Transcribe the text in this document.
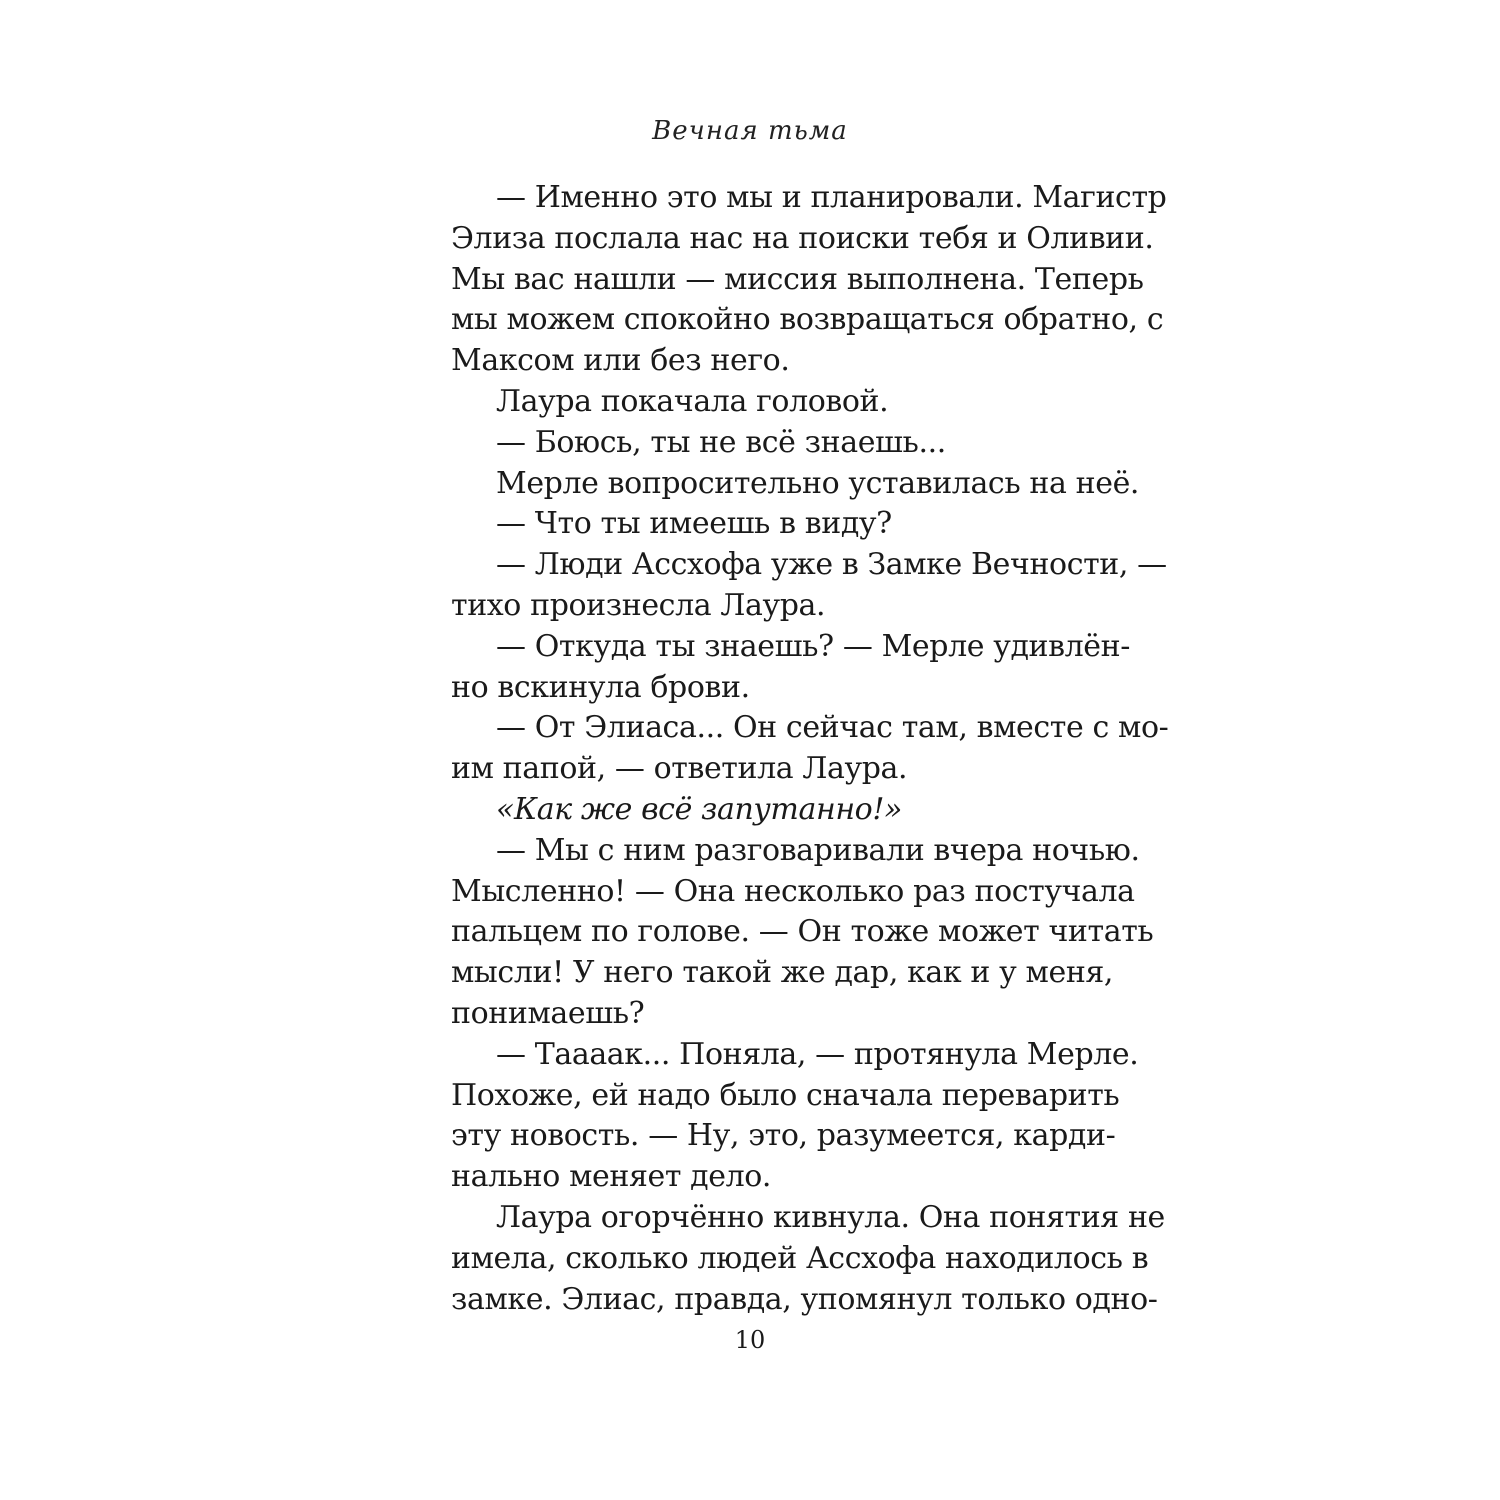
Вечная тьма
— Именно это мы и планировали. Магистр
Элиза послала нас на поиски тебя и Оливии.
Мы вас нашли — миссия выполнена. Теперь
мы можем спокойно возвращаться обратно, с
Максом или без него.
Лаура покачала головой.
— Боюсь, ты не всё знаешь...
Мерле вопросительно уставилась на неё.
— Что ты имеешь в виду?
— Люди Ассхофа уже в Замке Вечности, —
тихо произнесла Лаура.
— Откуда ты знаешь? — Мерле удивлён-
но вскинула брови.
— От Элиаса... Он сейчас там, вместе с мо-
им папой, — ответила Лаура.
«Как же всё запутанно!»
— Мы с ним разговаривали вчера ночью.
Мысленно! — Она несколько раз постучала
пальцем по голове. — Он тоже может читать
мысли! У него такой же дар, как и у меня,
понимаешь?
— Таааак... Поняла, — протянула Мерле.
Похоже, ей надо было сначала переварить
эту новость. — Ну, это, разумеется, карди-
нально меняет дело.
Лаура огорчённо кивнула. Она понятия не
имела, сколько людей Ассхофа находилось в
замке. Элиас, правда, упомянул только одно-
10
